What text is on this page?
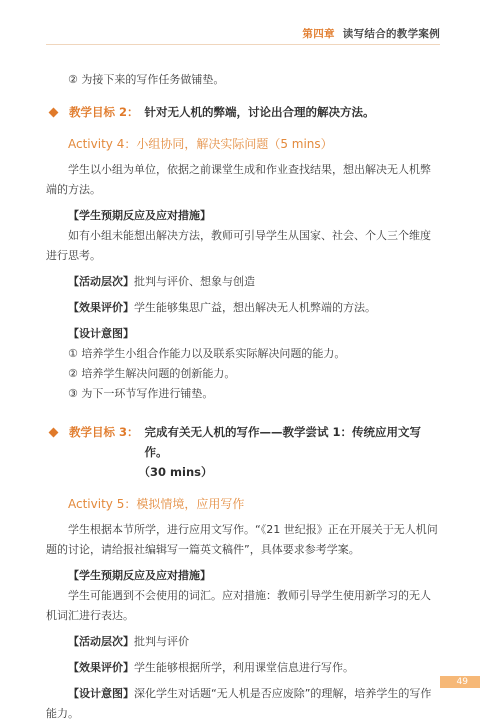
第四章 读写结合的教学案例

② 为接下来的写作任务做铺垫。

教学目标 2： 针对无人机的弊端，讨论出合理的解决方法。

Activity 4：小组协同，解决实际问题（5 mins）

学生以小组为单位，依据之前课堂生成和作业查找结果，想出解决无人机弊端的方法。

【学生预期反应及应对措施】

如有小组未能想出解决方法，教师可引导学生从国家、社会、个人三个维度进行思考。

【活动层次】批判与评价、想象与创造

【效果评价】学生能够集思广益，想出解决无人机弊端的方法。

【设计意图】

① 培养学生小组合作能力以及联系实际解决问题的能力。

② 培养学生解决问题的创新能力。

③ 为下一环节写作进行铺垫。

教学目标 3： 完成有关无人机的写作——教学尝试 1：传统应用文写作。
（30 mins）

Activity 5：模拟情境，应用写作

学生根据本节所学，进行应用文写作。“《21 世纪报》正在开展关于无人机问题的讨论，请给报社编辑写一篇英文稿件”，具体要求参考学案。

【学生预期反应及应对措施】

学生可能遇到不会使用的词汇。应对措施：教师引导学生使用新学习的无人机词汇进行表达。

【活动层次】批判与评价

【效果评价】学生能够根据所学，利用课堂信息进行写作。

【设计意图】深化学生对话题“无人机是否应废除”的理解，培养学生的写作能力。

49
